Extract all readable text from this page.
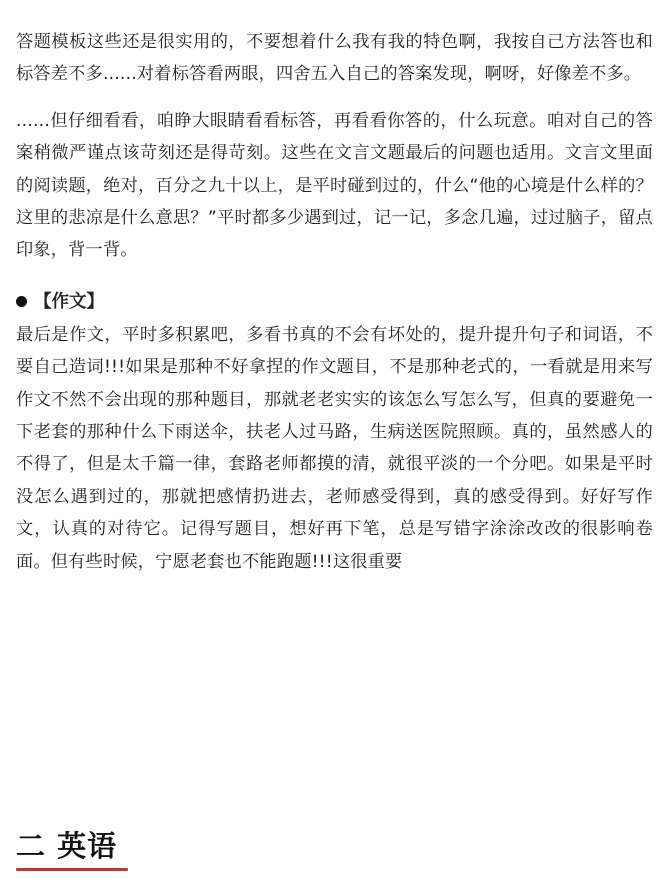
答题模板这些还是很实用的，不要想着什么我有我的特色啊，我按自己方法答也和标答差不多......对着标答看两眼，四舍五入自己的答案发现，啊呀，好像差不多。

......但仔细看看，咱睁大眼睛看看标答，再看看你答的，什么玩意。咱对自己的答案稍微严谨点该苛刻还是得苛刻。这些在文言文题最后的问题也适用。文言文里面的阅读题，绝对，百分之九十以上，是平时碰到过的，什么“他的心境是什么样的？这里的悲凉是什么意思？”平时都多少遇到过，记一记，多念几遍，过过脑子，留点印象，背一背。

【作文】

最后是作文，平时多积累吧，多看书真的不会有坏处的，提升提升句子和词语，不要自己造词!!!如果是那种不好拿捏的作文题目，不是那种老式的，一看就是用来写作文不然不会出现的那种题目，那就老老实实的该怎么写怎么写，但真的要避免一下老套的那种什么下雨送伞，扶老人过马路，生病送医院照顾。真的，虽然感人的不得了，但是太千篇一律，套路老师都摸的清，就很平淡的一个分吧。如果是平时没怎么遇到过的，那就把感情扔进去，老师感受得到，真的感受得到。好好写作文，认真的对待它。记得写题目，想好再下笔，总是写错字涂涂改改的很影响卷面。但有些时候，宁愿老套也不能跑题!!!这很重要

二 英语
